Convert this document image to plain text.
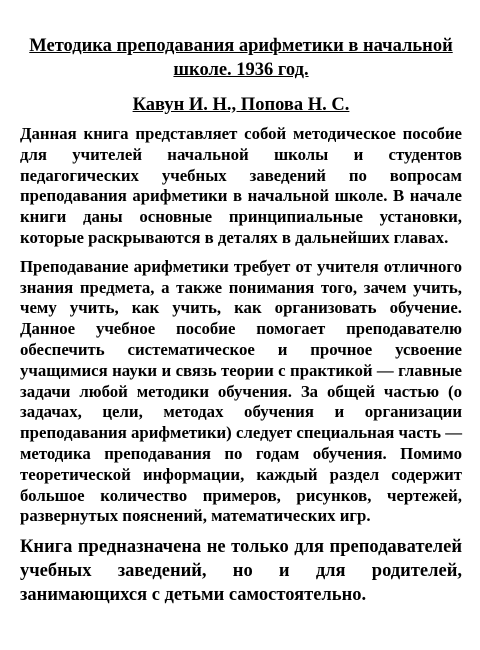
Методика преподавания арифметики в начальной школе. 1936 год.

Кавун И. Н., Попова Н. С.

Данная книга представляет собой методическое пособие для учителей начальной школы и студентов педагогических учебных заведений по вопросам преподавания арифметики в начальной школе. В начале книги даны основные принципиальные установки, которые раскрываются в деталях в дальнейших главах.

Преподавание арифметики требует от учителя отличного знания предмета, а также понимания того, зачем учить, чему учить, как учить, как организовать обучение. Данное учебное пособие помогает преподавателю обеспечить систематическое и прочное усвоение учащимися науки и связь теории с практикой — главные задачи любой методики обучения. За общей частью (о задачах, цели, методах обучения и организации преподавания арифметики) следует специальная часть — методика преподавания по годам обучения. Помимо теоретической информации, каждый раздел содержит большое количество примеров, рисунков, чертежей, развернутых пояснений, математических игр.

Книга предназначена не только для преподавателей учебных заведений, но и для родителей, занимающихся с детьми самостоятельно.
